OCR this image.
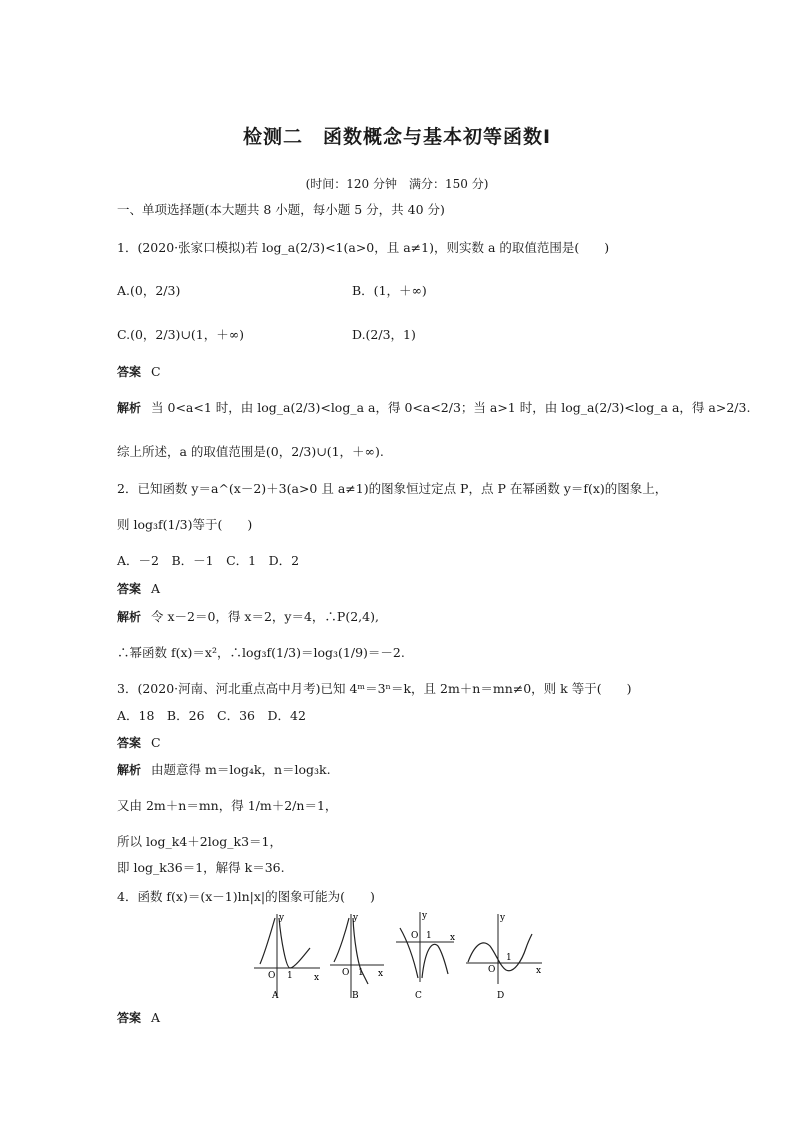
检测二　函数概念与基本初等函数Ⅰ
(时间：120 分钟　满分：150 分)
一、单项选择题(本大题共 8 小题，每小题 5 分，共 40 分)
1．(2020·张家口模拟)若 log_a(2/3)<1(a>0，且 a≠1)，则实数 a 的取值范围是(　　)
A.(0，2/3)	B．(1，＋∞)
C.(0，2/3)∪(1，＋∞)	D.(2/3，1)
答案 C
解析 当 0<a<1 时，由 log_a(2/3)<log_a a，得 0<a<2/3；当 a>1 时，由 log_a(2/3)<log_a a，得 a>2/3.
综上所述，a 的取值范围是(0，2/3)∪(1，＋∞).
2．已知函数 y＝a^(x－2)＋3(a>0 且 a≠1)的图象恒过定点 P，点 P 在幂函数 y＝f(x)的图象上，
则 log₃f(1/3)等于(　　)
A．－2　B．－1　C．1　D．2
答案 A
解析 令 x－2＝0，得 x＝2，y＝4，∴P(2,4),
∴幂函数 f(x)＝x²，∴log₃f(1/3)＝log₃(1/9)＝－2.
3．(2020·河南、河北重点高中月考)已知 4ᵐ＝3ⁿ＝k，且 2m＋n＝mn≠0，则 k 等于(　　)
A．18　B．26　C．36　D．42
答案 C
解析 由题意得 m＝log₄k，n＝log₃k.
又由 2m＋n＝mn，得 1/m＋2/n＝1，
所以 log_k4＋2log_k3＝1，
即 log_k36＝1，解得 k＝36.
4．函数 f(x)＝(x－1)ln|x|的图象可能为(　　)
y
x
O 1
A
y
x
O 1
B
y
x
O 1
C
y
x
O
1
D
答案 A
